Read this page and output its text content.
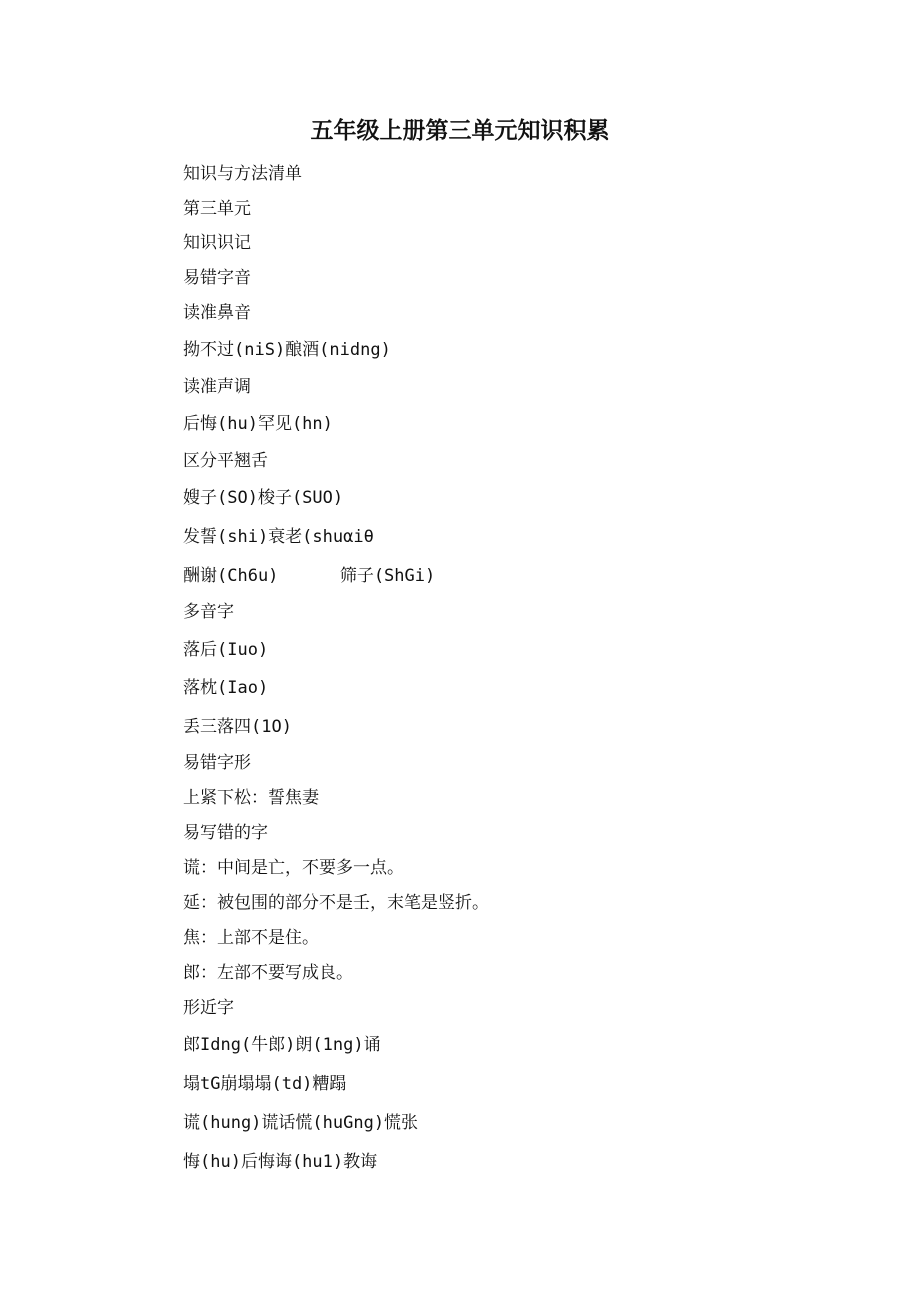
五年级上册第三单元知识积累
知识与方法清单
第三单元
知识识记
易错字音
读准鼻音
拗不过(niS)酿酒(nidng)
读准声调
后悔(hu)罕见(hn)
区分平翘舌
嫂子(SO)梭子(SUO)
发誓(shi)衰老(shuαiθ
酬谢(Ch6u)      筛子(ShGi)
多音字
落后(Iuo)
落枕(Iao)
丢三落四(1O)
易错字形
上紧下松：誓焦妻
易写错的字
谎：中间是亡，不要多一点。
延：被包围的部分不是壬，末笔是竖折。
焦：上部不是住。
郎：左部不要写成良。
形近字
郎Idng(牛郎)朗(1ng)诵
塌tG崩塌塌(td)糟蹋
谎(hung)谎话慌(huGng)慌张
悔(hu)后悔诲(hu1)教诲
